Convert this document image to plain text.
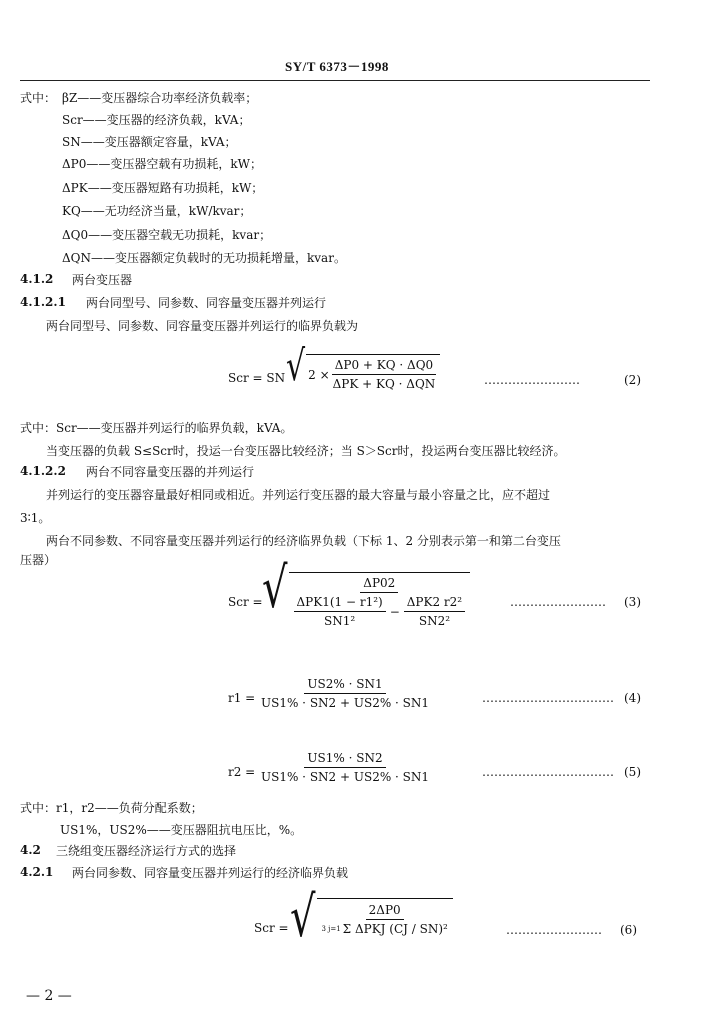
SY/T 6373－1998
式中： βZ——变压器综合功率经济负载率；
Scr——变压器的经济负载，kVA；
SN——变压器额定容量，kVA；
ΔP0——变压器空载有功损耗，kW；
ΔPK——变压器短路有功损耗，kW；
KQ——无功经济当量，kW/kvar；
ΔQ0——变压器空载无功损耗，kvar；
ΔQN——变压器额定负载时的无功损耗增量，kvar。
4.1.2 两台变压器
4.1.2.1 两台同型号、同参数、同容量变压器并列运行
两台同型号、同参数、同容量变压器并列运行的临界负载为
Scr = SN √ $2 \times \frac{\Delta P0 + KQ \cdot \Delta Q0}{\text{ΔPK + KQ · ΔQN}}$	……………………	(2)
式中：Scr——变压器并列运行的临界负载，kVA。
当变压器的负载 S≤Scr时，投运一台变压器比较经济；当 S＞Scr时，投运两台变压器比较经济。
4.1.2.2 两台不同容量变压器的并列运行
并列运行的变压器容量最好相同或相近。并列运行变压器的最大容量与最小容量之比，应不超过
3∶1。
两台不同参数、不同容量变压器并列运行的经济临界负载（下标 1、2 分别表示第一和第二台变压
压器）
Scr = √	ΔP02
$\frac{\text{ΔPK1(1 − r1²)}}{\text{SN1²}} - \frac{\text{ΔPK2 r2²}}{\text{SN2²}}$	…………………… (3)
$r1 = \frac{US2\% \cdot SN1}{US1\% \cdot SN2 + US2\% \cdot SN1}$	…………………………… (4)
$r2 = \frac{US1\% \cdot SN2}{US1\% \cdot SN2 + US2\% \cdot SN1}$	…………………………… (5)
式中：r1，r2——负荷分配系数；
US1%，US2%——变压器阻抗电压比，%。
4.2 三绕组变压器经济运行方式的选择
4.2.1 两台同参数、同容量变压器并列运行的经济临界负载
Scr = √ $\frac{2\Delta P0}{\text{3 j=1 Σ ΔPKJ (CJ / SN)²}}$	…………………… (6)
— 2 —
